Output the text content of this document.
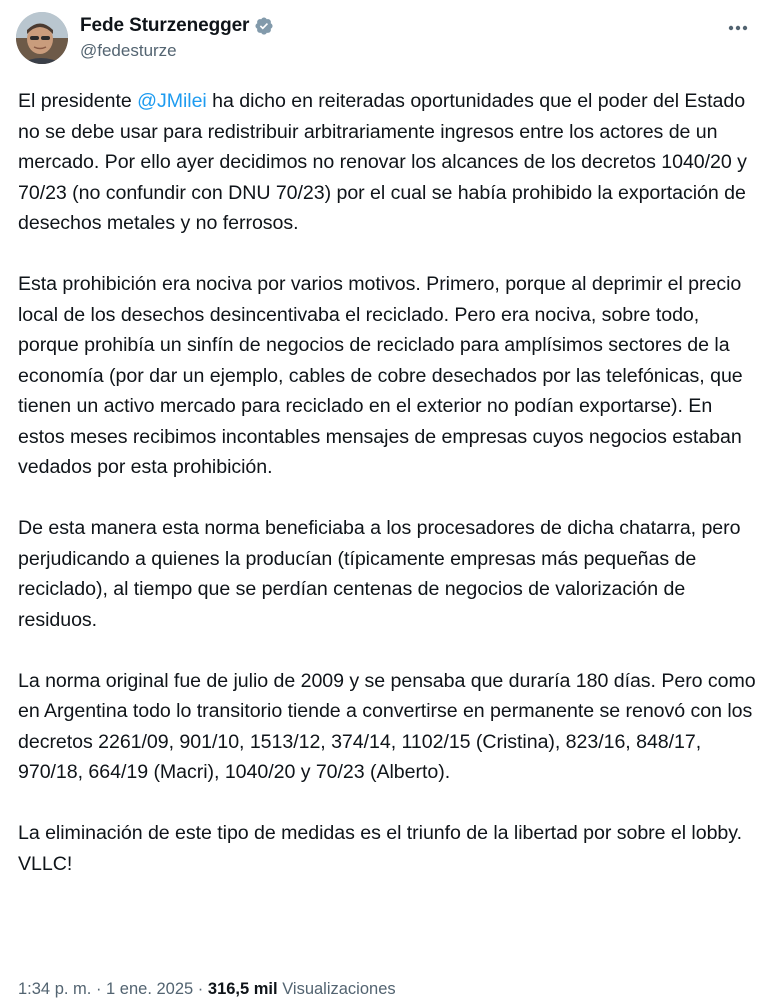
Fede Sturzenegger
@fedesturze

El presidente @JMilei ha dicho en reiteradas oportunidades que el poder del Estado no se debe usar para redistribuir arbitrariamente ingresos entre los actores de un mercado. Por ello ayer decidimos no renovar los alcances de los decretos 1040/20 y 70/23 (no confundir con DNU 70/23) por el cual se había prohibido la exportación de desechos metales y no ferrosos.

Esta prohibición era nociva por varios motivos. Primero, porque al deprimir el precio local de los desechos desincentivaba el reciclado. Pero era nociva, sobre todo, porque prohibía un sinfín de negocios de reciclado para amplísimos sectores de la economía (por dar un ejemplo, cables de cobre desechados por las telefónicas, que tienen un activo mercado para reciclado en el exterior no podían exportarse). En estos meses recibimos incontables mensajes de empresas cuyos negocios estaban vedados por esta prohibición.

De esta manera esta norma beneficiaba a los procesadores de dicha chatarra, pero perjudicando a quienes la producían (típicamente empresas más pequeñas de reciclado), al tiempo que se perdían centenas de negocios de valorización de residuos.

La norma original fue de julio de 2009 y se pensaba que duraría 180 días. Pero como en Argentina todo lo transitorio tiende a convertirse en permanente se renovó con los decretos 2261/09, 901/10, 1513/12, 374/14, 1102/15 (Cristina), 823/16, 848/17, 970/18, 664/19 (Macri), 1040/20 y 70/23 (Alberto).

La eliminación de este tipo de medidas es el triunfo de la libertad por sobre el lobby. VLLC!

1:34 p. m. · 1 ene. 2025 · 316,5 mil Visualizaciones
